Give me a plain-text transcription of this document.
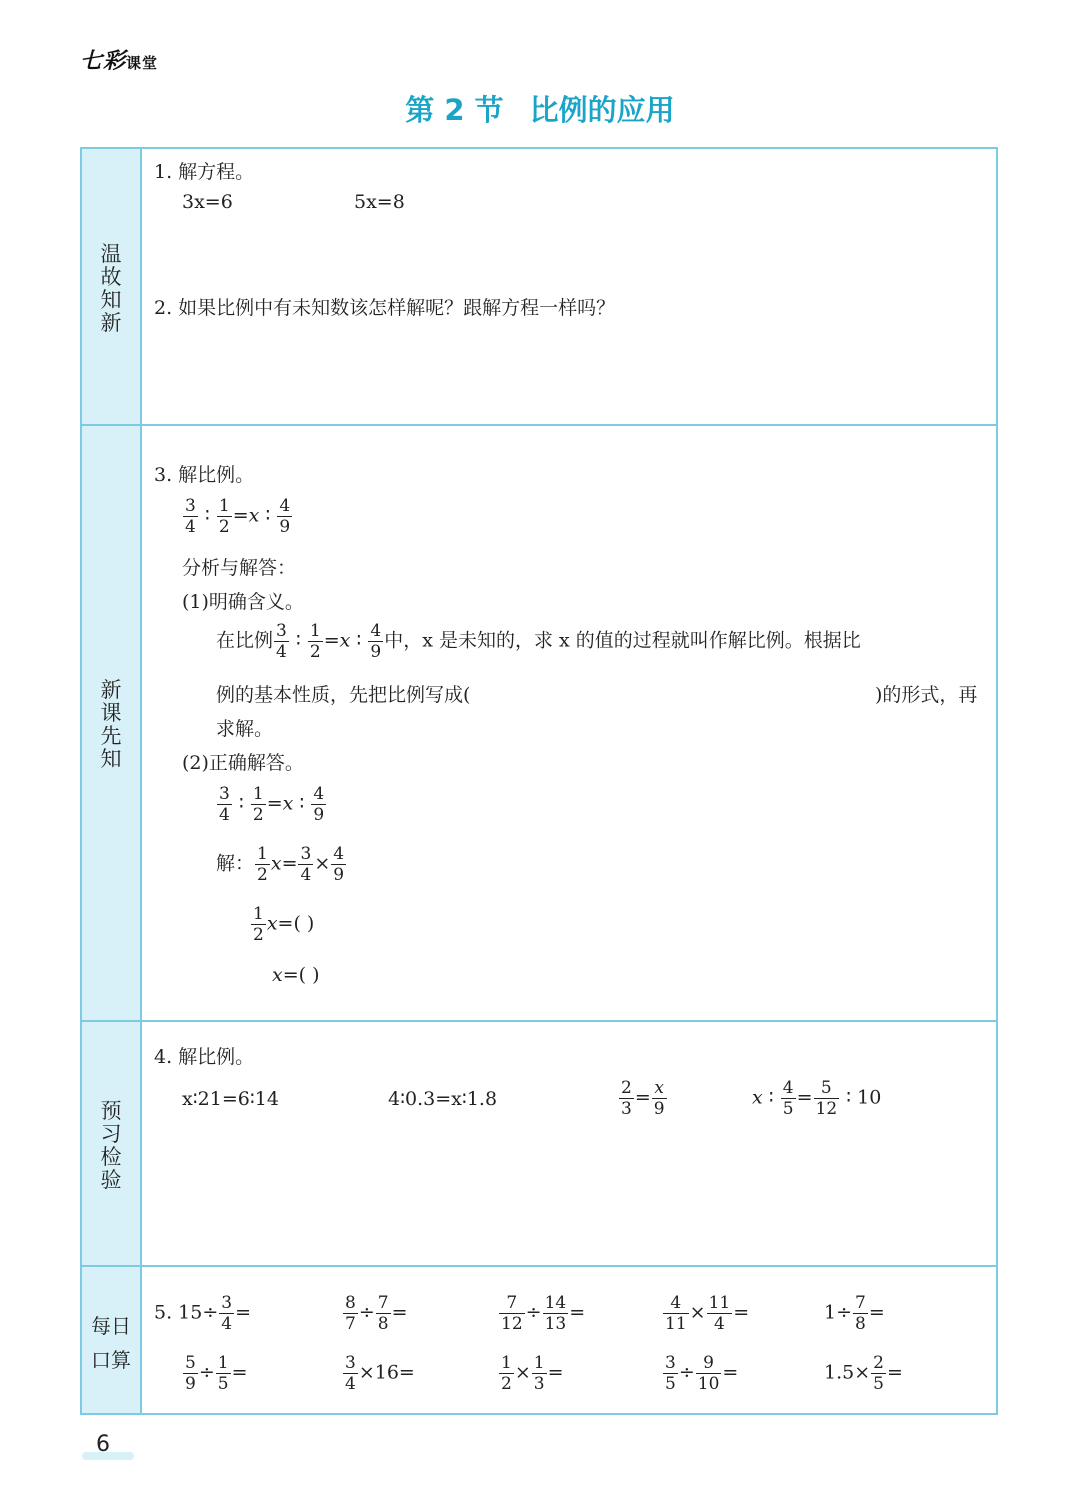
七彩课堂
第 2 节 比例的应用
温
故
知
新
1. 解方程。
3x=6	5x=8
2. 如果比例中有未知数该怎样解呢？跟解方程一样吗？
新
课
先
知
3. 解比例。
$\frac{3}{4}$ ∶ $\frac{1}{2} =x$ ∶ $\frac{4}{9}$
分析与解答：
(1)明确含义。
在比例 $\frac{3}{4}$ ∶ $\frac{1}{2} =x$ ∶ $\frac{4}{9}$ 中，x 是未知的，求 x 的值的过程就叫作解比例。根据比
例的基本性质，先把比例写成(	)的形式，再
求解。
(2)正确解答。
$\frac{3}{4}$ ∶ $\frac{1}{2} =x$ ∶ $\frac{4}{9}$
解： $\frac{1}{2} x= \frac{3}{4} \times \frac{4}{9}$
$\frac{1}{2} x=$( )
x=( )
预
习
检
验
4. 解比例。
x∶21=6∶14	4∶0.3=x∶1.8	$\frac{2}{3} = \frac{x}{9}$	x ∶ $\frac{4}{5} = \frac{5}{12}$ ∶ 10
每日
口算
5. $15\div \frac{3}{4}$ =	$\frac{8}{7} \div \frac{7}{8}$ =	$\frac{7}{12} \div \frac{14}{13}$ =	$\frac{4}{11} \times \frac{11}{4}$ =	$1\div \frac{7}{8}$ =
$\frac{5}{9} \div \frac{1}{5}$ =	$\frac{3}{4} \times 16=$	$\frac{1}{2} \times \frac{1}{3}$ =	$\frac{3}{5} \div \frac{9}{10}$ =	$1.5\times \frac{2}{5}$ =
6
